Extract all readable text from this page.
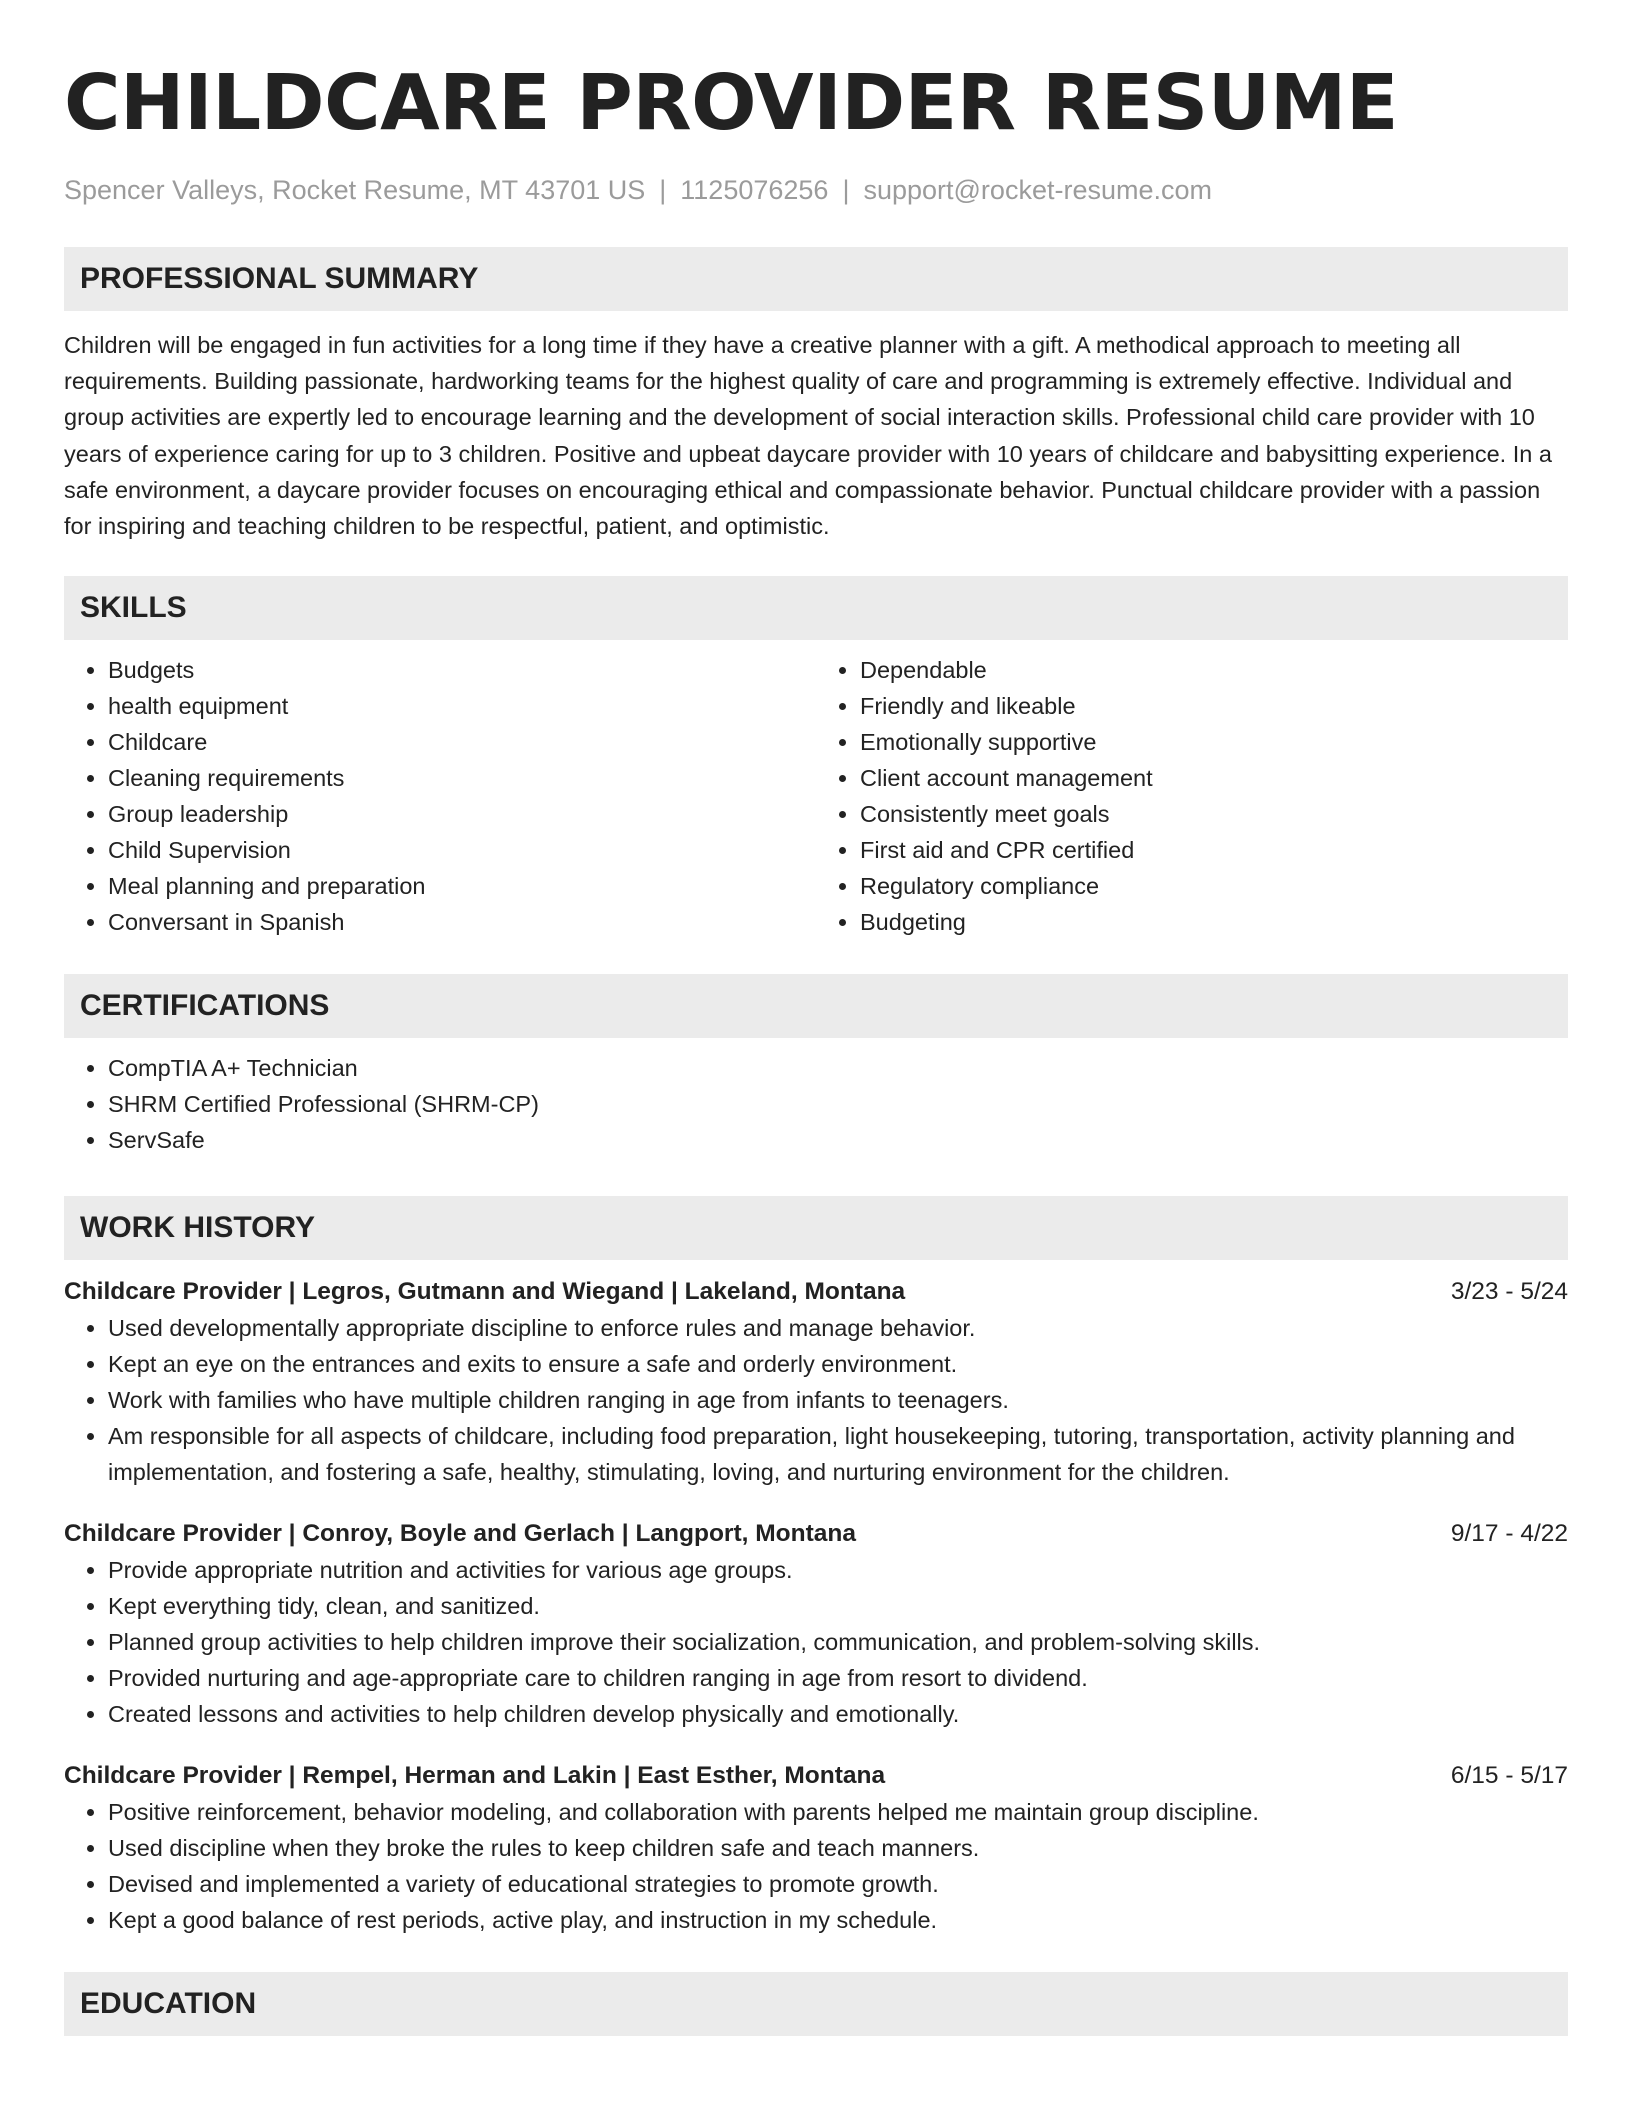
CHILDCARE PROVIDER RESUME
Spencer Valleys, Rocket Resume, MT 43701 US | 1125076256 | support@rocket-resume.com
PROFESSIONAL SUMMARY

Children will be engaged in fun activities for a long time if they have a creative planner with a gift. A methodical approach to meeting all requirements. Building passionate, hardworking teams for the highest quality of care and programming is extremely effective. Individual and group activities are expertly led to encourage learning and the development of social interaction skills. Professional child care provider with 10 years of experience caring for up to 3 children. Positive and upbeat daycare provider with 10 years of childcare and babysitting experience. In a safe environment, a daycare provider focuses on encouraging ethical and compassionate behavior. Punctual childcare provider with a passion for inspiring and teaching children to be respectful, patient, and optimistic.

SKILLS
• Budgets
• health equipment
• Childcare
• Cleaning requirements
• Group leadership
• Child Supervision
• Meal planning and preparation
• Conversant in Spanish
• Dependable
• Friendly and likeable
• Emotionally supportive
• Client account management
• Consistently meet goals
• First aid and CPR certified
• Regulatory compliance
• Budgeting
CERTIFICATIONS
• CompTIA A+ Technician
• SHRM Certified Professional (SHRM-CP)
• ServSafe
WORK HISTORY
Childcare Provider | Legros, Gutmann and Wiegand | Lakeland, Montana	3/23 - 5/24
• Used developmentally appropriate discipline to enforce rules and manage behavior.
• Kept an eye on the entrances and exits to ensure a safe and orderly environment.
• Work with families who have multiple children ranging in age from infants to teenagers.
• Am responsible for all aspects of childcare, including food preparation, light housekeeping, tutoring, transportation, activity planning and implementation, and fostering a safe, healthy, stimulating, loving, and nurturing environment for the children.
Childcare Provider | Conroy, Boyle and Gerlach | Langport, Montana	9/17 - 4/22
• Provide appropriate nutrition and activities for various age groups.
• Kept everything tidy, clean, and sanitized.
• Planned group activities to help children improve their socialization, communication, and problem-solving skills.
• Provided nurturing and age-appropriate care to children ranging in age from resort to dividend.
• Created lessons and activities to help children develop physically and emotionally.
Childcare Provider | Rempel, Herman and Lakin | East Esther, Montana	6/15 - 5/17
• Positive reinforcement, behavior modeling, and collaboration with parents helped me maintain group discipline.
• Used discipline when they broke the rules to keep children safe and teach manners.
• Devised and implemented a variety of educational strategies to promote growth.
• Kept a good balance of rest periods, active play, and instruction in my schedule.
EDUCATION
